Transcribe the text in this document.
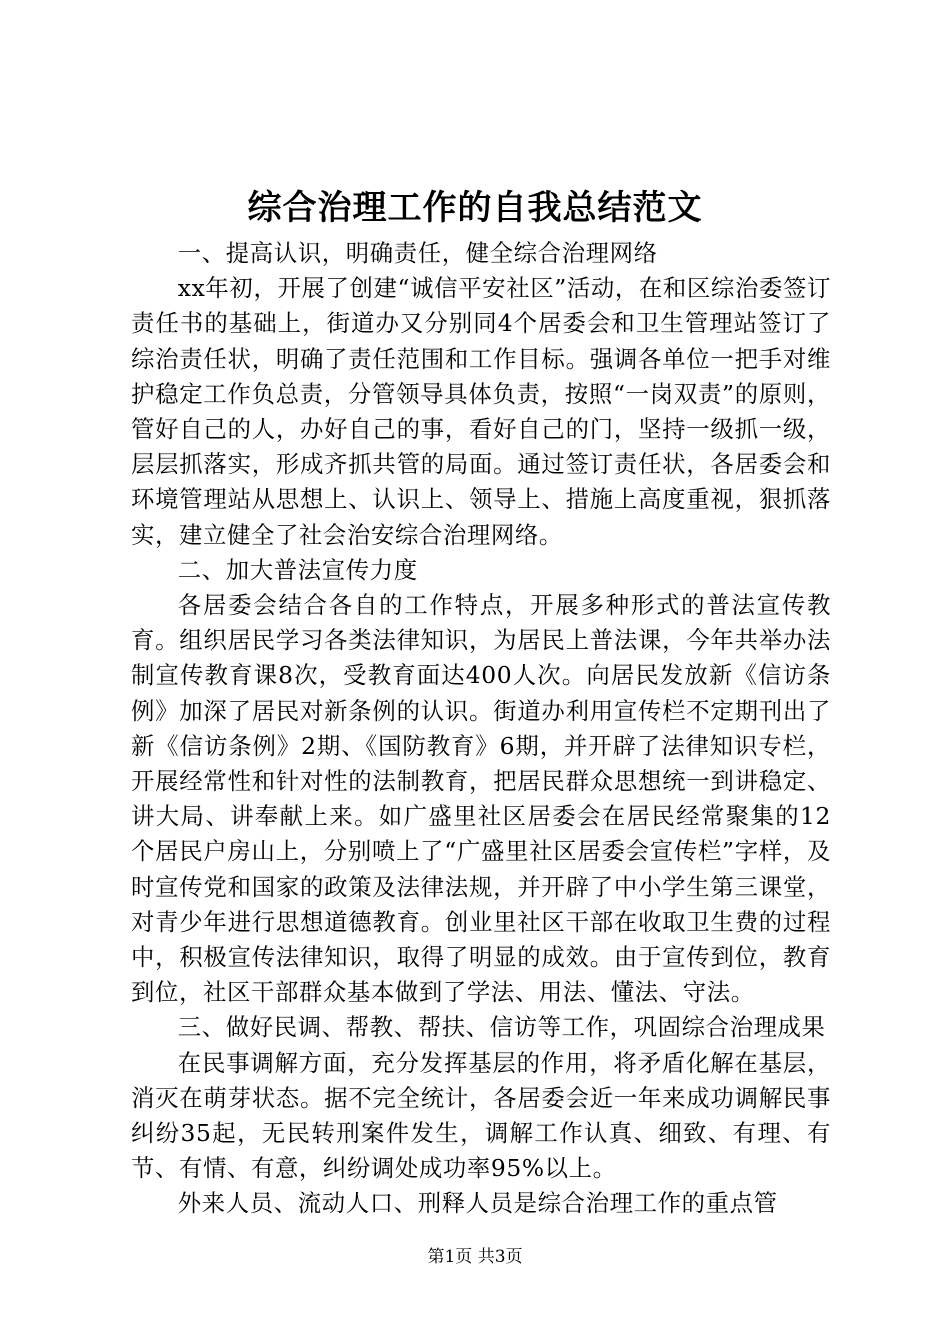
综合治理工作的自我总结范文

一、提高认识，明确责任，健全综合治理网络

xx年初，开展了创建“诚信平安社区”活动，在和区综治委签订责任书的基础上，街道办又分别同4个居委会和卫生管理站签订了综治责任状，明确了责任范围和工作目标。强调各单位一把手对维护稳定工作负总责，分管领导具体负责，按照“一岗双责”的原则，管好自己的人，办好自己的事，看好自己的门，坚持一级抓一级，层层抓落实，形成齐抓共管的局面。通过签订责任状，各居委会和环境管理站从思想上、认识上、领导上、措施上高度重视，狠抓落实，建立健全了社会治安综合治理网络。

二、加大普法宣传力度

各居委会结合各自的工作特点，开展多种形式的普法宣传教育。组织居民学习各类法律知识，为居民上普法课，今年共举办法制宣传教育课8次，受教育面达400人次。向居民发放新《信访条例》加深了居民对新条例的认识。街道办利用宣传栏不定期刊出了新《信访条例》2期、《国防教育》6期，并开辟了法律知识专栏，开展经常性和针对性的法制教育，把居民群众思想统一到讲稳定、讲大局、讲奉献上来。如广盛里社区居委会在居民经常聚集的12个居民户房山上，分别喷上了“广盛里社区居委会宣传栏”字样，及时宣传党和国家的政策及法律法规，并开辟了中小学生第三课堂，对青少年进行思想道德教育。创业里社区干部在收取卫生费的过程中，积极宣传法律知识，取得了明显的成效。由于宣传到位，教育到位，社区干部群众基本做到了学法、用法、懂法、守法。

三、做好民调、帮教、帮扶、信访等工作，巩固综合治理成果

在民事调解方面，充分发挥基层的作用，将矛盾化解在基层，消灭在萌芽状态。据不完全统计，各居委会近一年来成功调解民事纠纷35起，无民转刑案件发生，调解工作认真、细致、有理、有节、有情、有意，纠纷调处成功率95%以上。

外来人员、流动人口、刑释人员是综合治理工作的重点管

第1页 共3页
